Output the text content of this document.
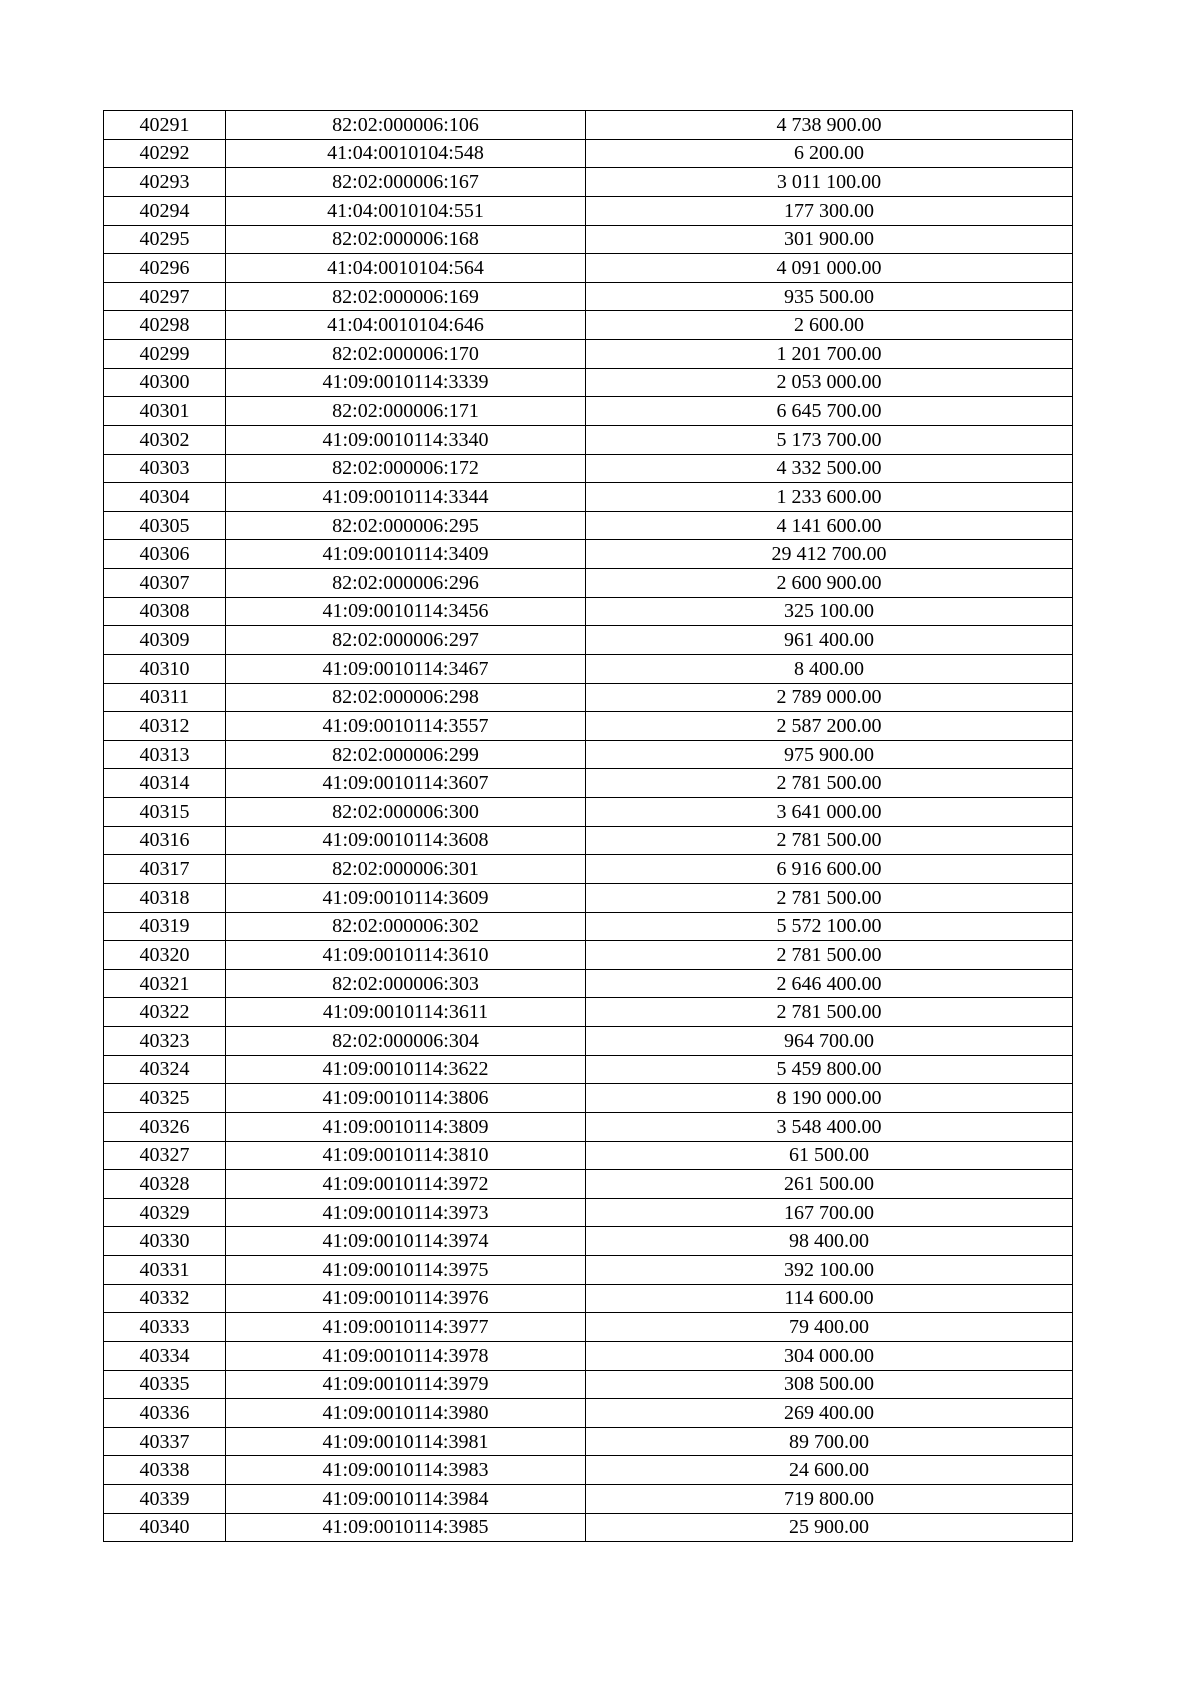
40291	82:02:000006:106	4 738 900.00
40292	41:04:0010104:548	6 200.00
40293	82:02:000006:167	3 011 100.00
40294	41:04:0010104:551	177 300.00
40295	82:02:000006:168	301 900.00
40296	41:04:0010104:564	4 091 000.00
40297	82:02:000006:169	935 500.00
40298	41:04:0010104:646	2 600.00
40299	82:02:000006:170	1 201 700.00
40300	41:09:0010114:3339	2 053 000.00
40301	82:02:000006:171	6 645 700.00
40302	41:09:0010114:3340	5 173 700.00
40303	82:02:000006:172	4 332 500.00
40304	41:09:0010114:3344	1 233 600.00
40305	82:02:000006:295	4 141 600.00
40306	41:09:0010114:3409	29 412 700.00
40307	82:02:000006:296	2 600 900.00
40308	41:09:0010114:3456	325 100.00
40309	82:02:000006:297	961 400.00
40310	41:09:0010114:3467	8 400.00
40311	82:02:000006:298	2 789 000.00
40312	41:09:0010114:3557	2 587 200.00
40313	82:02:000006:299	975 900.00
40314	41:09:0010114:3607	2 781 500.00
40315	82:02:000006:300	3 641 000.00
40316	41:09:0010114:3608	2 781 500.00
40317	82:02:000006:301	6 916 600.00
40318	41:09:0010114:3609	2 781 500.00
40319	82:02:000006:302	5 572 100.00
40320	41:09:0010114:3610	2 781 500.00
40321	82:02:000006:303	2 646 400.00
40322	41:09:0010114:3611	2 781 500.00
40323	82:02:000006:304	964 700.00
40324	41:09:0010114:3622	5 459 800.00
40325	41:09:0010114:3806	8 190 000.00
40326	41:09:0010114:3809	3 548 400.00
40327	41:09:0010114:3810	61 500.00
40328	41:09:0010114:3972	261 500.00
40329	41:09:0010114:3973	167 700.00
40330	41:09:0010114:3974	98 400.00
40331	41:09:0010114:3975	392 100.00
40332	41:09:0010114:3976	114 600.00
40333	41:09:0010114:3977	79 400.00
40334	41:09:0010114:3978	304 000.00
40335	41:09:0010114:3979	308 500.00
40336	41:09:0010114:3980	269 400.00
40337	41:09:0010114:3981	89 700.00
40338	41:09:0010114:3983	24 600.00
40339	41:09:0010114:3984	719 800.00
40340	41:09:0010114:3985	25 900.00
